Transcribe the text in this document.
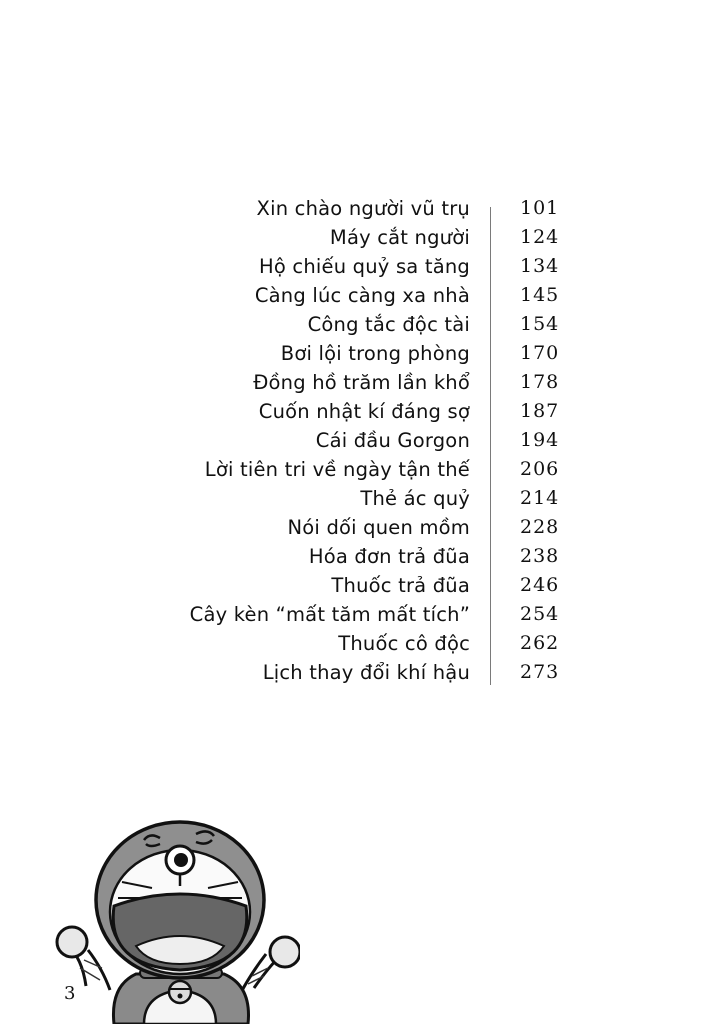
Xin chào người vũ trụ	101
Máy cắt người	124
Hộ chiếu quỷ sa tăng	134
Càng lúc càng xa nhà	145
Công tắc độc tài	154
Bơi lội trong phòng	170
Đồng hồ trăm lần khổ	178
Cuốn nhật kí đáng sợ	187
Cái đầu Gorgon	194
Lời tiên tri về ngày tận thế	206
Thẻ ác quỷ	214
Nói dối quen mồm	228
Hóa đơn trả đũa	238
Thuốc trả đũa	246
Cây kèn “mất tăm mất tích”	254
Thuốc cô độc	262
Lịch thay đổi khí hậu	273
3
